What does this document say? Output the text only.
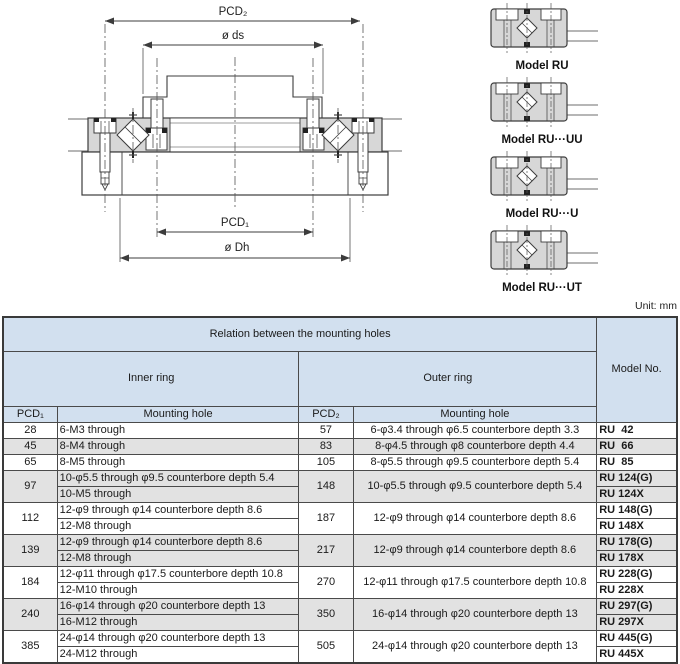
PCD₂
ø ds
PCD₁
ø Dh
Model RU
Model RU···UU
Model RU···U
Model RU···UT
Unit: mm
Relation between the mounting holes				Model No.
Inner ring		Outer ring		
PCD₁	Mounting hole	PCD₂	Mounting hole	
28	6-M3 through	57	6-φ3.4 through φ6.5 counterbore depth 3.3	RU  42
45	8-M4 through	83	8-φ4.5 through φ8 counterbore depth 4.4	RU  66
65	8-M5 through	105	8-φ5.5 through φ9.5 counterbore depth 5.4	RU  85
97	10-φ5.5 through φ9.5 counterbore depth 5.4	148	10-φ5.5 through φ9.5 counterbore depth 5.4	RU 124(G)
	10-M5 through			RU 124X
112	12-φ9 through φ14 counterbore depth 8.6	187	12-φ9 through φ14 counterbore depth 8.6	RU 148(G)
	12-M8 through			RU 148X
139	12-φ9 through φ14 counterbore depth 8.6	217	12-φ9 through φ14 counterbore depth 8.6	RU 178(G)
	12-M8 through			RU 178X
184	12-φ11 through φ17.5 counterbore depth 10.8	270	12-φ11 through φ17.5 counterbore depth 10.8	RU 228(G)
	12-M10 through			RU 228X
240	16-φ14 through φ20 counterbore depth 13	350	16-φ14 through φ20 counterbore depth 13	RU 297(G)
	16-M12 through			RU 297X
385	24-φ14 through φ20 counterbore depth 13	505	24-φ14 through φ20 counterbore depth 13	RU 445(G)
	24-M12 through			RU 445X
